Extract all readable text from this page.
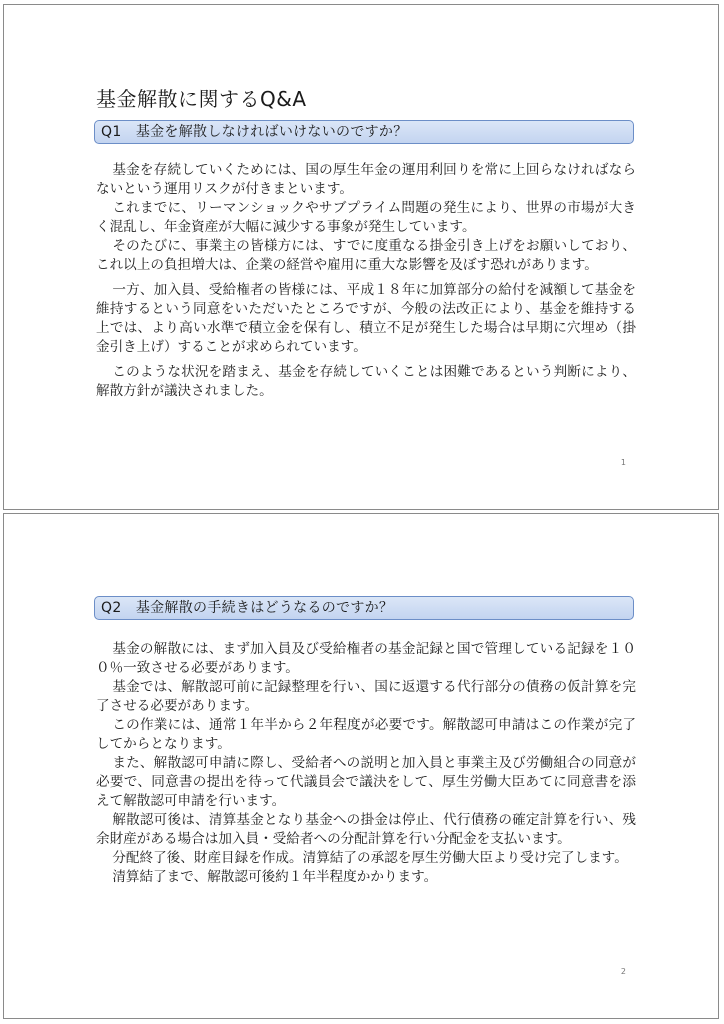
基金解散に関するQ&A
Q1　基金を解散しなければいけないのですか？

基金を存続していくためには、国の厚生年金の運用利回りを常に上回らなければならないという運用リスクが付きまといます。

これまでに、リーマンショックやサブプライム問題の発生により、世界の市場が大きく混乱し、年金資産が大幅に減少する事象が発生しています。

そのたびに、事業主の皆様方には、すでに度重なる掛金引き上げをお願いしており、これ以上の負担増大は、企業の経営や雇用に重大な影響を及ぼす恐れがあります。

一方、加入員、受給権者の皆様には、平成１８年に加算部分の給付を減額して基金を維持するという同意をいただいたところですが、今般の法改正により、基金を維持する上では、より高い水準で積立金を保有し、積立不足が発生した場合は早期に穴埋め（掛金引き上げ）することが求められています。

このような状況を踏まえ、基金を存続していくことは困難であるという判断により、解散方針が議決されました。

1
Q2　基金解散の手続きはどうなるのですか？

基金の解散には、まず加入員及び受給権者の基金記録と国で管理している記録を１００％一致させる必要があります。

基金では、解散認可前に記録整理を行い、国に返還する代行部分の債務の仮計算を完了させる必要があります。

この作業には、通常１年半から２年程度が必要です。解散認可申請はこの作業が完了してからとなります。

また、解散認可申請に際し、受給者への説明と加入員と事業主及び労働組合の同意が必要で、同意書の提出を待って代議員会で議決をして、厚生労働大臣あてに同意書を添えて解散認可申請を行います。

解散認可後は、清算基金となり基金への掛金は停止、代行債務の確定計算を行い、残余財産がある場合は加入員・受給者への分配計算を行い分配金を支払います。

分配終了後、財産目録を作成。清算結了の承認を厚生労働大臣より受け完了します。

清算結了まで、解散認可後約１年半程度かかります。

2
